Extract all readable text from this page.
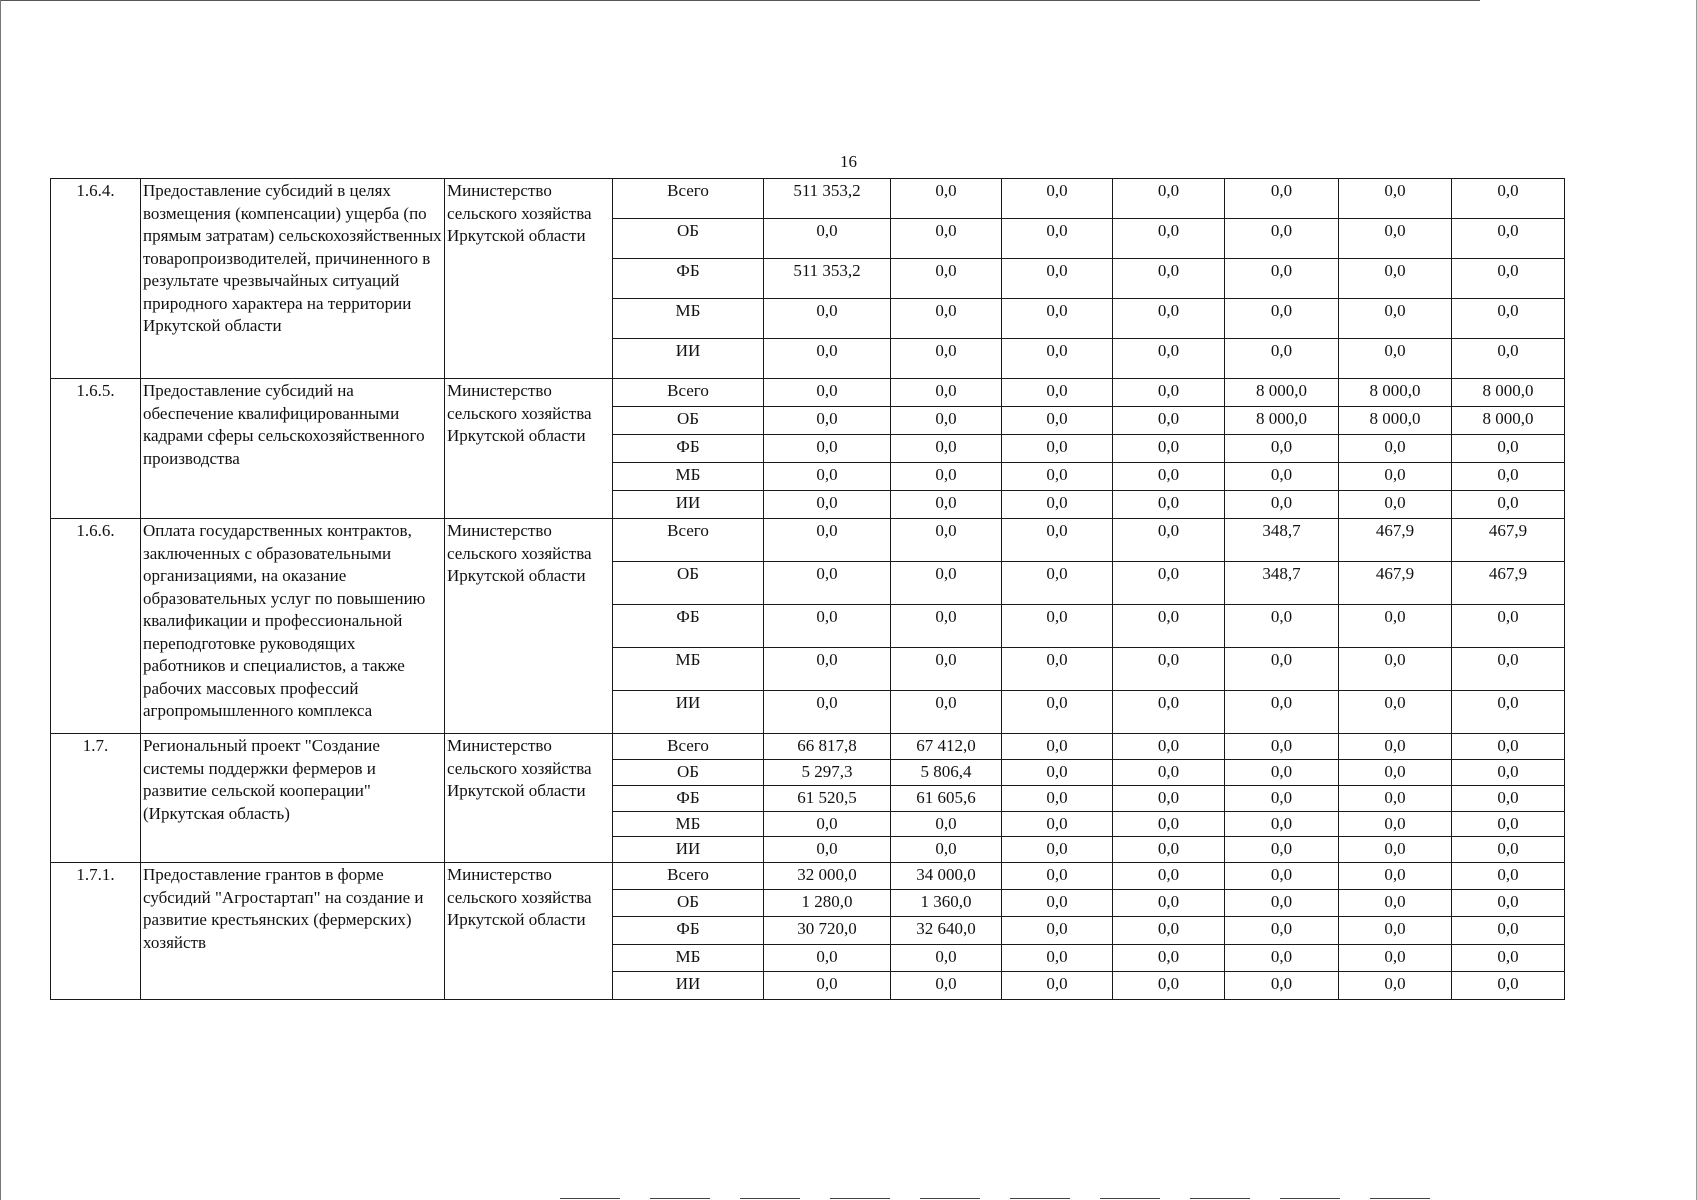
16
1.6.4.	Предоставление субсидий в целях возмещения (компенсации) ущерба (по прямым затратам) сельскохозяйственных товаропроизводителей, причиненного в результате чрезвычайных ситуаций природного характера на территории Иркутской области	Министерство сельского хозяйства Иркутской области	Всего	511 353,2	0,0	0,0	0,0	0,0	0,0	0,0
			ОБ	0,0	0,0	0,0	0,0	0,0	0,0	0,0
			ФБ	511 353,2	0,0	0,0	0,0	0,0	0,0	0,0
			МБ	0,0	0,0	0,0	0,0	0,0	0,0	0,0
			ИИ	0,0	0,0	0,0	0,0	0,0	0,0	0,0
1.6.5.	Предоставление субсидий на обеспечение квалифицированными кадрами сферы сельскохозяйственного производства	Министерство сельского хозяйства Иркутской области	Всего	0,0	0,0	0,0	0,0	8 000,0	8 000,0	8 000,0
			ОБ	0,0	0,0	0,0	0,0	8 000,0	8 000,0	8 000,0
			ФБ	0,0	0,0	0,0	0,0	0,0	0,0	0,0
			МБ	0,0	0,0	0,0	0,0	0,0	0,0	0,0
			ИИ	0,0	0,0	0,0	0,0	0,0	0,0	0,0
1.6.6.	Оплата государственных контрактов, заключенных с образовательными организациями, на оказание образовательных услуг по повышению квалификации и профессиональной переподготовке руководящих работников и специалистов, а также рабочих массовых профессий агропромышленного комплекса	Министерство сельского хозяйства Иркутской области	Всего	0,0	0,0	0,0	0,0	348,7	467,9	467,9
			ОБ	0,0	0,0	0,0	0,0	348,7	467,9	467,9
			ФБ	0,0	0,0	0,0	0,0	0,0	0,0	0,0
			МБ	0,0	0,0	0,0	0,0	0,0	0,0	0,0
			ИИ	0,0	0,0	0,0	0,0	0,0	0,0	0,0
1.7.	Региональный проект "Создание системы поддержки фермеров и развитие сельской кооперации" (Иркутская область)	Министерство сельского хозяйства Иркутской области	Всего	66 817,8	67 412,0	0,0	0,0	0,0	0,0	0,0
			ОБ	5 297,3	5 806,4	0,0	0,0	0,0	0,0	0,0
			ФБ	61 520,5	61 605,6	0,0	0,0	0,0	0,0	0,0
			МБ	0,0	0,0	0,0	0,0	0,0	0,0	0,0
			ИИ	0,0	0,0	0,0	0,0	0,0	0,0	0,0
1.7.1.	Предоставление грантов в форме субсидий "Агростартап" на создание и развитие крестьянских (фермерских) хозяйств	Министерство сельского хозяйства Иркутской области	Всего	32 000,0	34 000,0	0,0	0,0	0,0	0,0	0,0
			ОБ	1 280,0	1 360,0	0,0	0,0	0,0	0,0	0,0
			ФБ	30 720,0	32 640,0	0,0	0,0	0,0	0,0	0,0
			МБ	0,0	0,0	0,0	0,0	0,0	0,0	0,0
			ИИ	0,0	0,0	0,0	0,0	0,0	0,0	0,0
